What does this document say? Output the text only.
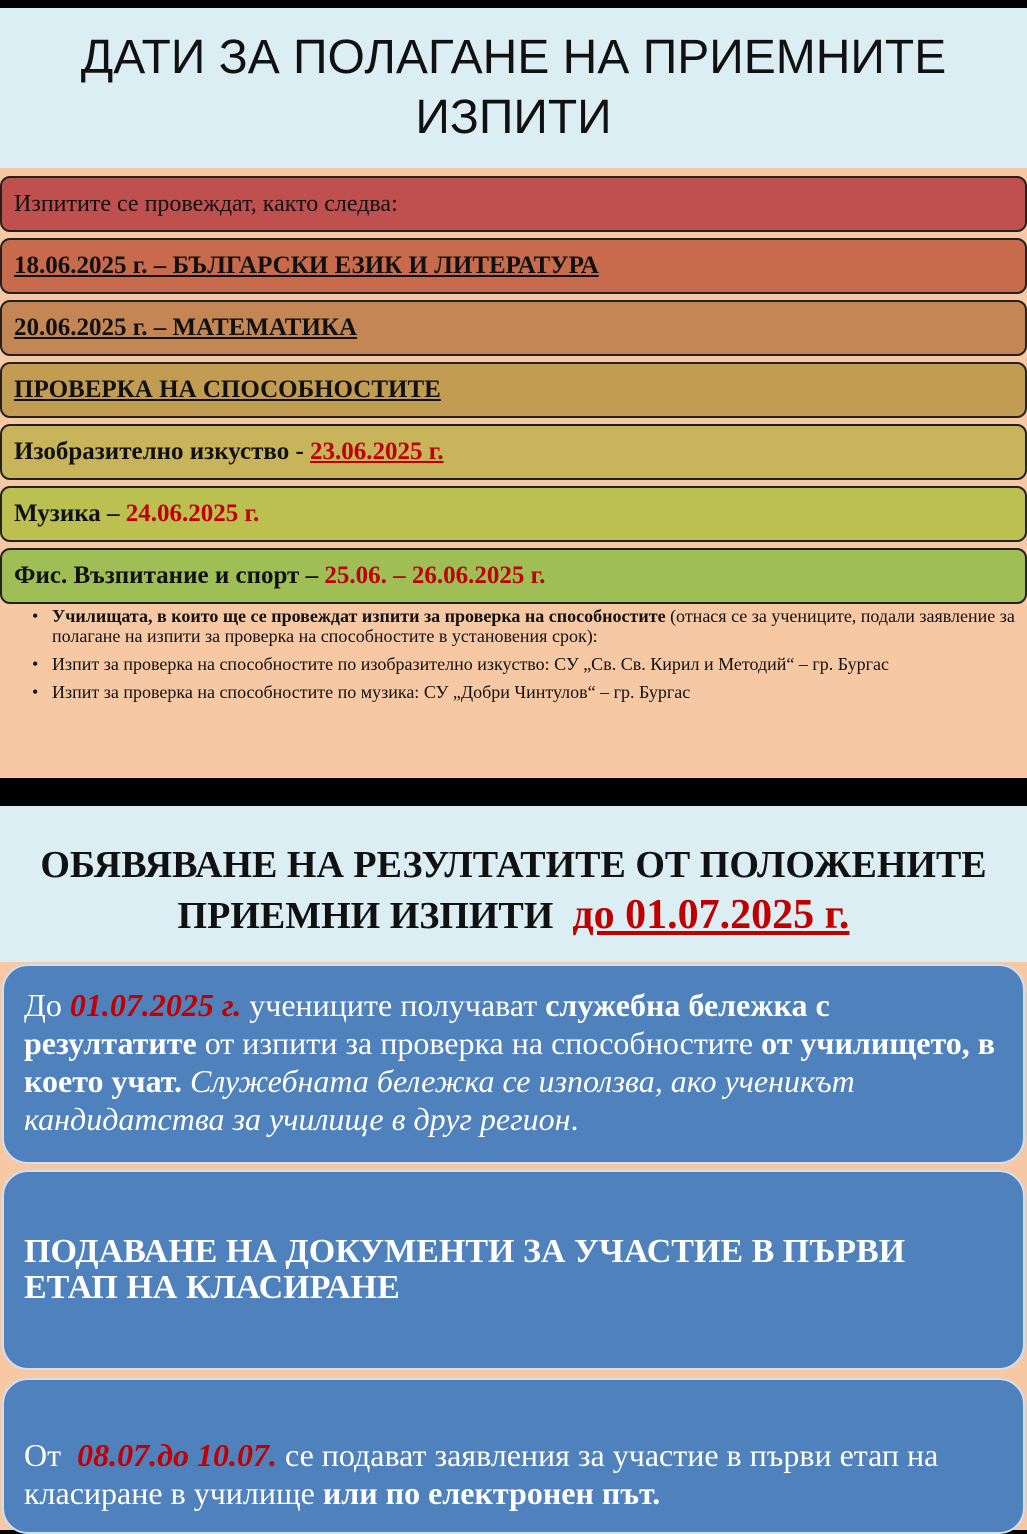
ДАТИ ЗА ПОЛАГАНЕ НА ПРИЕМНИТЕ ИЗПИТИ
Изпитите се провеждат, както следва:
18.06.2025 г. – БЪЛГАРСКИ ЕЗИК И ЛИТЕРАТУРА
20.06.2025 г. – МАТЕМАТИКА
ПРОВЕРКА НА СПОСОБНОСТИТЕ
Изобразително изкуство - 23.06.2025 г.
Музика – 24.06.2025 г.
Фис. Възпитание и спорт – 25.06. – 26.06.2025 г.
• Училищата, в които ще се провеждат изпити за проверка на способностите (отнася се за учениците, подали заявление за полагане на изпити за проверка на способностите в установения срок):
• Изпит за проверка на способностите по изобразително изкуство: СУ „Св. Св. Кирил и Методий“ – гр. Бургас
• Изпит за проверка на способностите по музика: СУ „Добри Чинтулов“ – гр. Бургас
ОБЯВЯВАНЕ НА РЕЗУЛТАТИТЕ ОТ ПОЛОЖЕНИТЕ ПРИЕМНИ ИЗПИТИ до 01.07.2025 г.
До 01.07.2025 г. учениците получават служебна бележка с резултатите от изпити за проверка на способностите от училището, в което учат. Служебната бележка се използва, ако ученикът кандидатства за училище в друг регион.
ПОДАВАНЕ НА ДОКУМЕНТИ ЗА УЧАСТИЕ В ПЪРВИ ЕТАП НА КЛАСИРАНЕ
От  08.07.до 10.07. се подават заявления за участие в първи етап на класиране в училище или по електронен път.
